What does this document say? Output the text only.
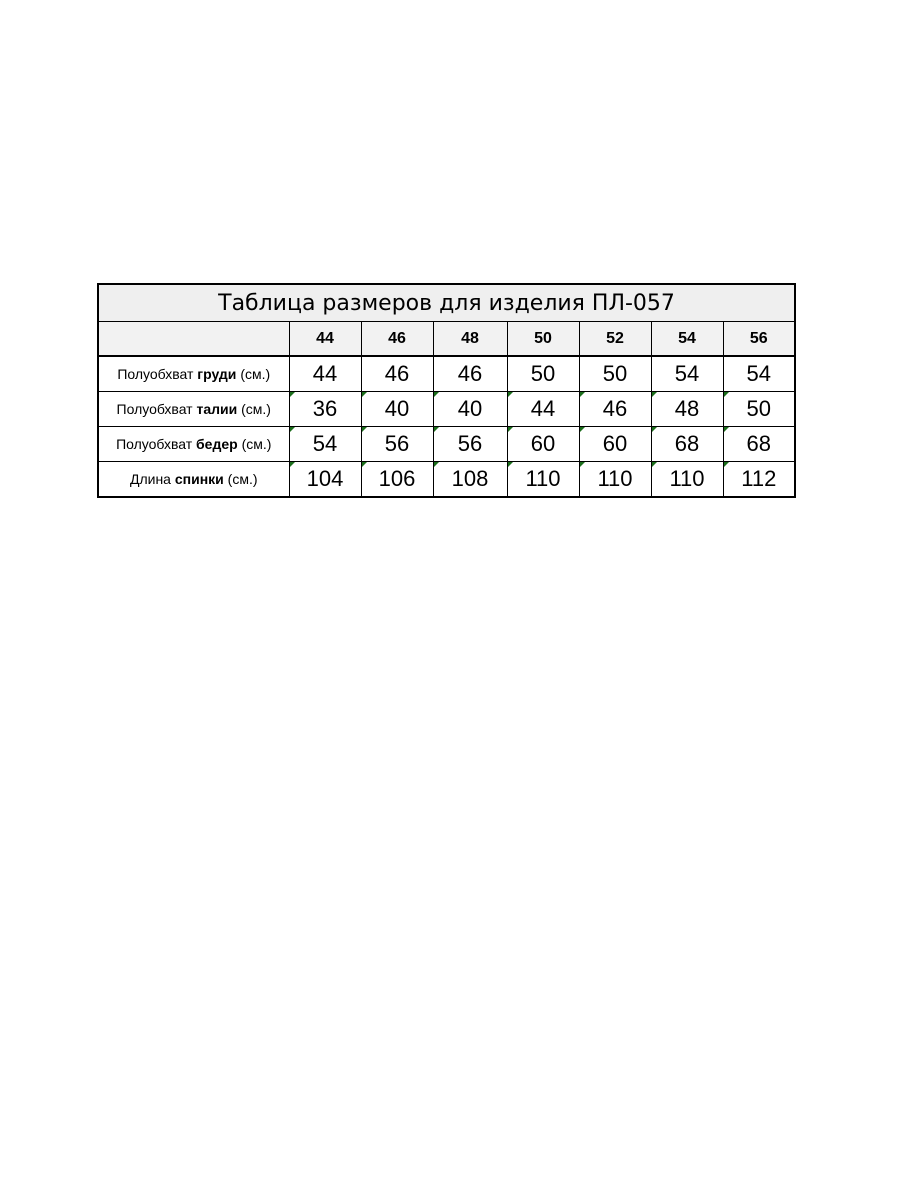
Таблица размеров для изделия ПЛ-057							
	44	46	48	50	52	54	56
Полуобхват груди (см.)	44	46	46	50	50	54	54
Полуобхват талии (см.)	36	40	40	44	46	48	50
Полуобхват бедер (см.)	54	56	56	60	60	68	68
Длина спинки (см.)	104	106	108	110	110	110	112
